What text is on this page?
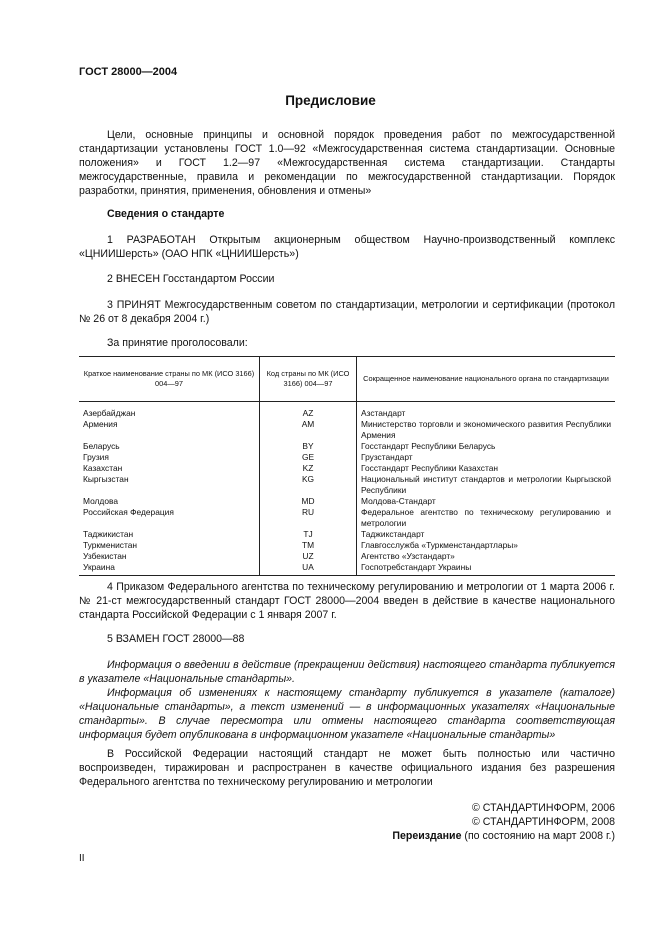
ГОСТ 28000—2004
Предисловие
Цели, основные принципы и основной порядок проведения работ по межгосударственной стандартизации установлены ГОСТ 1.0—92 «Межгосударственная система стандартизации. Основные положения» и ГОСТ 1.2—97 «Межгосударственная система стандартизации. Стандарты межгосударственные, правила и рекомендации по межгосударственной стандартизации. Порядок разработки, принятия, применения, обновления и отмены»
Сведения о стандарте
1 РАЗРАБОТАН Открытым акционерным обществом Научно-производственный комплекс «ЦНИИШерсть» (ОАО НПК «ЦНИИШерсть»)
2 ВНЕСЕН Госстандартом России
3 ПРИНЯТ Межгосударственным советом по стандартизации, метрологии и сертификации (протокол № 26 от 8 декабря 2004 г.)
За принятие проголосовали:
Краткое наименование страны по МК (ИСО 3166) 004—97	Код страны по МК (ИСО 3166) 004—97	Сокращенное наименование национального органа по стандартизации
Азербайджан	AZ	Азстандарт
Армения	AM	Министерство торговли и экономического развития Республики Армения
Беларусь	BY	Госстандарт Республики Беларусь
Грузия	GE	Грузстандарт
Казахстан	KZ	Госстандарт Республики Казахстан
Кыргызстан	KG	Национальный институт стандартов и метрологии Кыргызской Республики
Молдова	MD	Молдова-Стандарт
Российская Федерация	RU	Федеральное агентство по техническому регулированию и метрологии
Таджикистан	TJ	Таджикстандарт
Туркменистан	TM	Главгосслужба «Туркменстандартлары»
Узбекистан	UZ	Агентство «Узстандарт»
Украина	UA	Госпотребстандарт Украины
4 Приказом Федерального агентства по техническому регулированию и метрологии от 1 марта 2006 г. № 21-ст межгосударственный стандарт ГОСТ 28000—2004 введен в действие в качестве национального стандарта Российской Федерации с 1 января 2007 г.
5 ВЗАМЕН ГОСТ 28000—88
Информация о введении в действие (прекращении действия) настоящего стандарта публикуется в указателе «Национальные стандарты».
Информация об изменениях к настоящему стандарту публикуется в указателе (каталоге) «Национальные стандарты», а текст изменений — в информационных указателях «Национальные стандарты». В случае пересмотра или отмены настоящего стандарта соответствующая информация будет опубликована в информационном указателе «Национальные стандарты»
В Российской Федерации настоящий стандарт не может быть полностью или частично воспроизведен, тиражирован и распространен в качестве официального издания без разрешения Федерального агентства по техническому регулированию и метрологии
© СТАНДАРТИНФОРМ, 2006
© СТАНДАРТИНФОРМ, 2008
Переиздание (по состоянию на март 2008 г.)
II
